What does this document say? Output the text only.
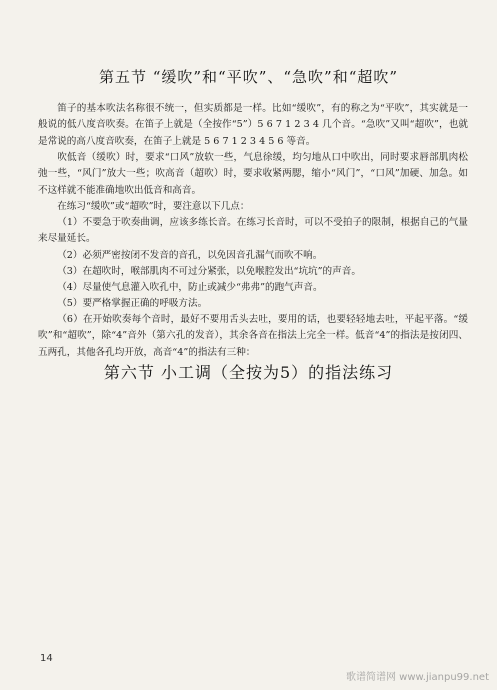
第五节 “缓吹”和“平吹”、“急吹”和“超吹”
笛子的基本吹法名称很不统一，但实质都是一样。比如“缓吹”，有的称之为“平吹”，其实就是一般说的低八度音吹奏。在笛子上就是（全按作“5”）5 6 7 1 2 3 4 几个音。“急吹”又叫“超吹”，也就是常说的高八度音吹奏，在笛子上就是 5 6 7 1 2 3 4 5 6 等音。
吹低音（缓吹）时，要求“口风”放软一些，气息徐缓，均匀地从口中吹出，同时要求唇部肌肉松弛一些，“风门”放大一些；吹高音（超吹）时，要求收紧两腮，缩小“风门”，“口风”加硬、加急。如不这样就不能准确地吹出低音和高音。
在练习“缓吹”或“超吹”时，要注意以下几点：
（1）不要急于吹奏曲调，应该多练长音。在练习长音时，可以不受拍子的限制，根据自己的气量来尽量延长。
（2）必须严密按闭不发音的音孔，以免因音孔漏气而吹不响。
（3）在超吹时，喉部肌肉不可过分紧张，以免喉腔发出“坑坑”的声音。
（4）尽量使气息灌入吹孔中，防止或减少“弗弗”的跑气声音。
（5）要严格掌握正确的呼吸方法。
（6）在开始吹奏每个音时，最好不要用舌头去吐，要用的话，也要轻轻地去吐，平起平落。“缓吹”和“超吹”，除“4”音外（第六孔的发音），其余各音在指法上完全一样。低音“4”的指法是按闭四、五两孔，其他各孔均开放，高音“4”的指法有三种：
第六节 小工调（全按为5）的指法练习
14
歌谱简谱网 www.jianpu99.net
